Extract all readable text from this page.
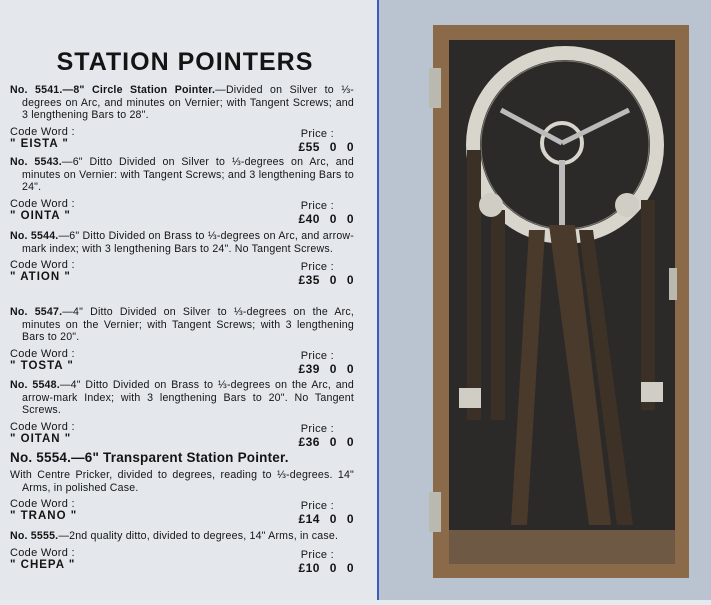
STATION POINTERS
No. 5541.—8" Circle Station Pointer.—Divided on Silver to ⅓-degrees on Arc, and minutes on Vernier; with Tangent Screws; and 3 lengthening Bars to 28".
Code Word :
" EISTA "
Price :
£55 0 0
No. 5543.—6" Ditto Divided on Silver to ⅓-degrees on Arc, and minutes on Vernier: with Tangent Screws; and 3 lengthening Bars to 24".
Code Word :
" OINTA "
Price :
£40 0 0
No. 5544.—6" Ditto Divided on Brass to ⅓-degrees on Arc, and arrow-mark index; with 3 lengthening Bars to 24". No Tangent Screws.
Code Word :
" ATION "
Price :
£35 0 0
No. 5547.—4" Ditto Divided on Silver to ⅓-degrees on the Arc, minutes on the Vernier; with Tangent Screws; with 3 lengthening Bars to 20".
Code Word :
" TOSTA "
Price :
£39 0 0
No. 5548.—4" Ditto Divided on Brass to ⅓-degrees on the Arc, and arrow-mark Index; with 3 lengthening Bars to 20". No Tangent Screws.
Code Word :
" OITAN "
Price :
£36 0 0
No. 5554.—6" Transparent Station Pointer.
With Centre Pricker, divided to degrees, reading to ⅓-degrees. 14" Arms, in polished Case.
Code Word :
" TRANO "
Price :
£14 0 0
No. 5555.—2nd quality ditto, divided to degrees, 14" Arms, in case.
Code Word :
" CHEPA "
Price :
£10 0 0
